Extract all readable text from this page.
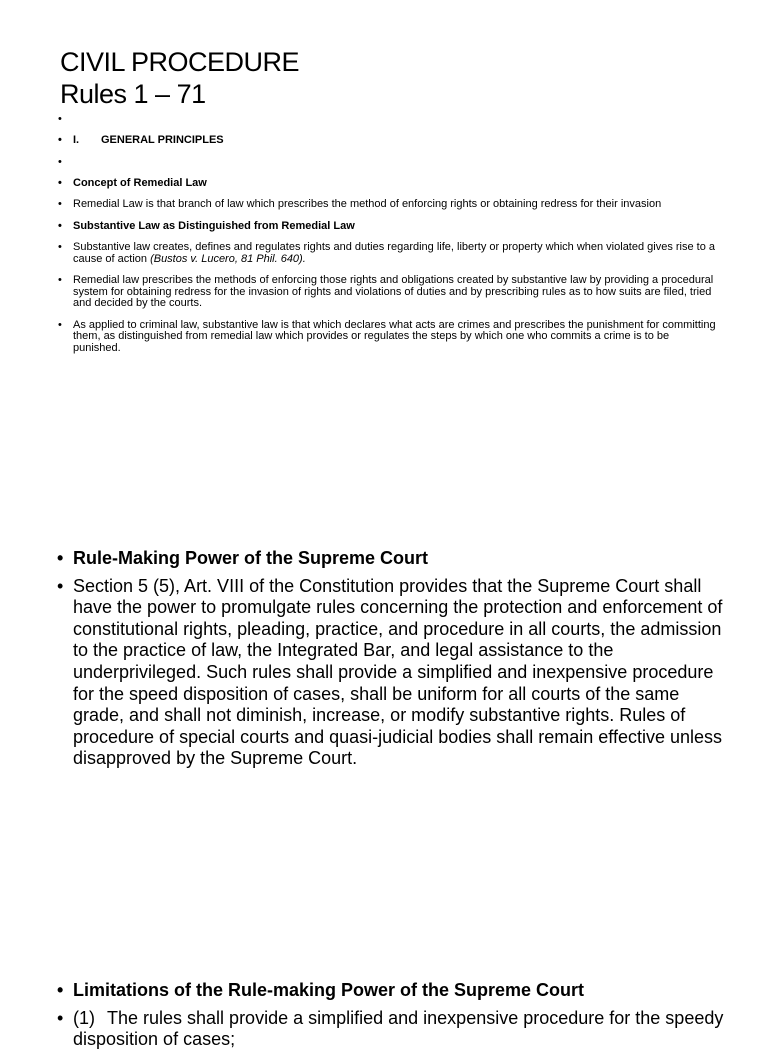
CIVIL PROCEDURE
Rules 1 – 71
•
• I. GENERAL PRINCIPLES
•
• Concept of Remedial Law
• Remedial Law is that branch of law which prescribes the method of enforcing rights or obtaining redress for their invasion
• Substantive Law as Distinguished from Remedial Law
• Substantive law creates, defines and regulates rights and duties regarding life, liberty or property which when violated gives rise to a cause of action (Bustos v. Lucero, 81 Phil. 640).
• Remedial law prescribes the methods of enforcing those rights and obligations created by substantive law by providing a procedural system for obtaining redress for the invasion of rights and violations of duties and by prescribing rules as to how suits are filed, tried and decided by the courts.
• As applied to criminal law, substantive law is that which declares what acts are crimes and prescribes the punishment for committing them, as distinguished from remedial law which provides or regulates the steps by which one who commits a crime is to be punished.
• Rule-Making Power of the Supreme Court
• Section 5 (5), Art. VIII of the Constitution provides that the Supreme Court shall have the power to promulgate rules concerning the protection and enforcement of constitutional rights, pleading, practice, and procedure in all courts, the admission to the practice of law, the Integrated Bar, and legal assistance to the underprivileged. Such rules shall provide a simplified and inexpensive procedure for the speed disposition of cases, shall be uniform for all courts of the same grade, and shall not diminish, increase, or modify substantive rights. Rules of procedure of special courts and quasi-judicial bodies shall remain effective unless disapproved by the Supreme Court.
• Limitations of the Rule-making Power of the Supreme Court
• (1) The rules shall provide a simplified and inexpensive procedure for the speedy disposition of cases;
